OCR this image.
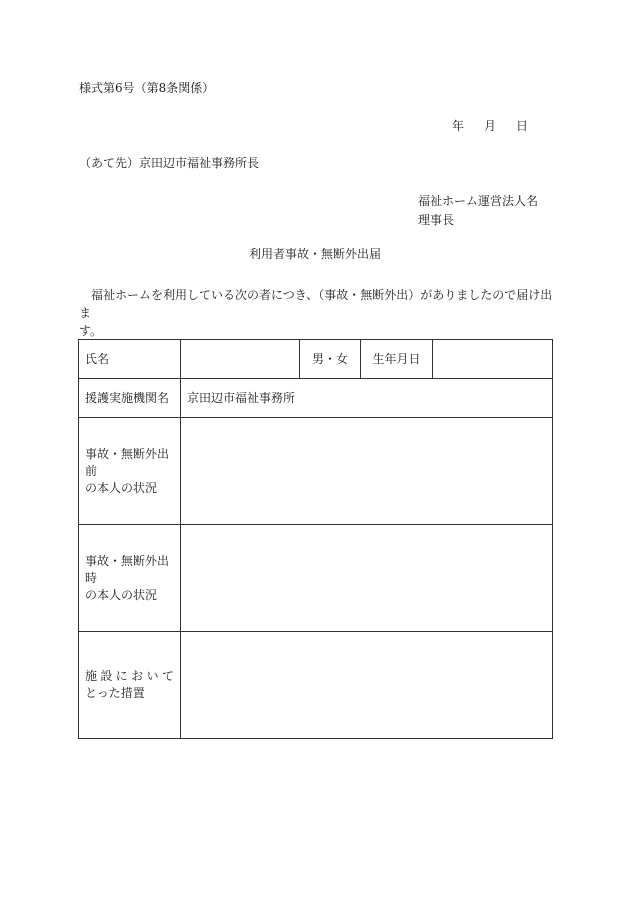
様式第6号（第8条関係）
年 月 日
（あて先）京田辺市福祉事務所長
福祉ホーム運営法人名
理事長
利用者事故・無断外出届
福祉ホームを利用している次の者につき、（事故・無断外出）がありましたので届け出ま
す。
氏名		男・女	生年月日	
援護実施機関名	京田辺市福祉事務所			

事故・無断外出前
の本人の状況				

事故・無断外出時
の本人の状況				

施設において
とった措置				
